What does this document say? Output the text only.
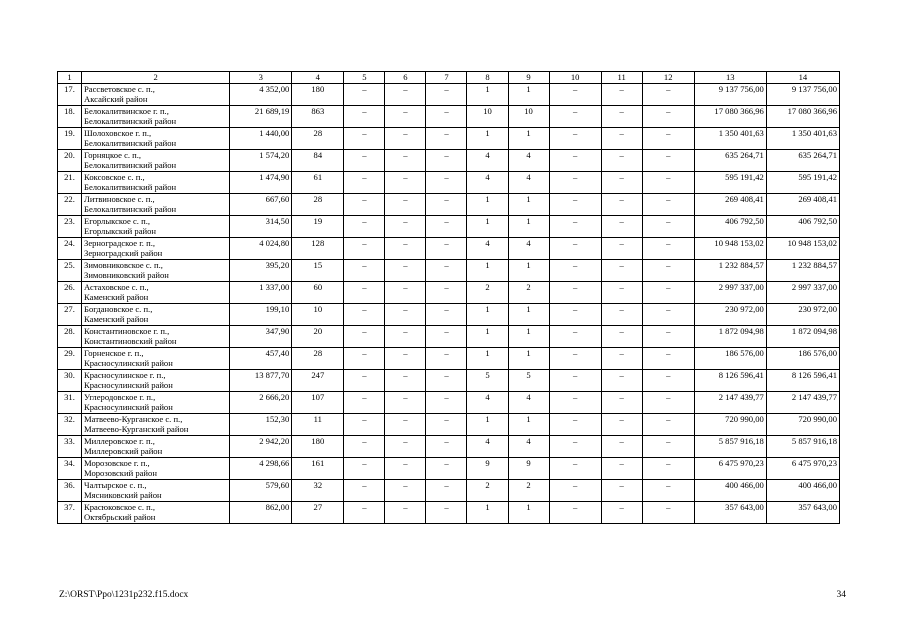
1	2	3	4	5	6	7	8	9	10	11	12	13	14
17.	Рассветовское с. п.,
Аксайский район	4 352,00	180	–	–	–	1	1	–	–	–	9 137 756,00	9 137 756,00
18.	Белокалитвинское г. п.,
Белокалитвинский район	21 689,19	863	–	–	–	10	10	–	–	–	17 080 366,96	17 080 366,96
19.	Шолоховское г. п.,
Белокалитвинский район	1 440,00	28	–	–	–	1	1	–	–	–	1 350 401,63	1 350 401,63
20.	Горняцкое с. п.,
Белокалитвинский район	1 574,20	84	–	–	–	4	4	–	–	–	635 264,71	635 264,71
21.	Коксовское с. п.,
Белокалитвинский район	1 474,90	61	–	–	–	4	4	–	–	–	595 191,42	595 191,42
22.	Литвиновское с. п.,
Белокалитвинский район	667,60	28	–	–	–	1	1	–	–	–	269 408,41	269 408,41
23.	Егорлыкское с. п.,
Егорлыкский район	314,50	19	–	–	–	1	1	–	–	–	406 792,50	406 792,50
24.	Зерноградское г. п.,
Зерноградский район	4 024,80	128	–	–	–	4	4	–	–	–	10 948 153,02	10 948 153,02
25.	Зимовниковское с. п.,
Зимовниковский район	395,20	15	–	–	–	1	1	–	–	–	1 232 884,57	1 232 884,57
26.	Астаховское с. п.,
Каменский район	1 337,00	60	–	–	–	2	2	–	–	–	2 997 337,00	2 997 337,00
27.	Богдановское с. п.,
Каменский район	199,10	10	–	–	–	1	1	–	–	–	230 972,00	230 972,00
28.	Константиновское г. п.,
Константиновский район	347,90	20	–	–	–	1	1	–	–	–	1 872 094,98	1 872 094,98
29.	Горненское г. п.,
Красносулинский район	457,40	28	–	–	–	1	1	–	–	–	186 576,00	186 576,00
30.	Красносулинское г. п.,
Красносулинский район	13 877,70	247	–	–	–	5	5	–	–	–	8 126 596,41	8 126 596,41
31.	Углеродовское г. п.,
Красносулинский район	2 666,20	107	–	–	–	4	4	–	–	–	2 147 439,77	2 147 439,77
32.	Матвеево-Курганское с. п.,
Матвеево-Курганский район	152,30	11	–	–	–	1	1	–	–	–	720 990,00	720 990,00
33.	Миллеровское г. п.,
Миллеровский район	2 942,20	180	–	–	–	4	4	–	–	–	5 857 916,18	5 857 916,18
34.	Морозовское г. п.,
Морозовский район	4 298,66	161	–	–	–	9	9	–	–	–	6 475 970,23	6 475 970,23
36.	Чалтырское с. п.,
Мясниковский район	579,60	32	–	–	–	2	2	–	–	–	400 466,00	400 466,00
37.	Красюковское с. п.,
Октябрьский район	862,00	27	–	–	–	1	1	–	–	–	357 643,00	357 643,00
Z:\ORST\Ppo\1231p232.f15.docx	34
